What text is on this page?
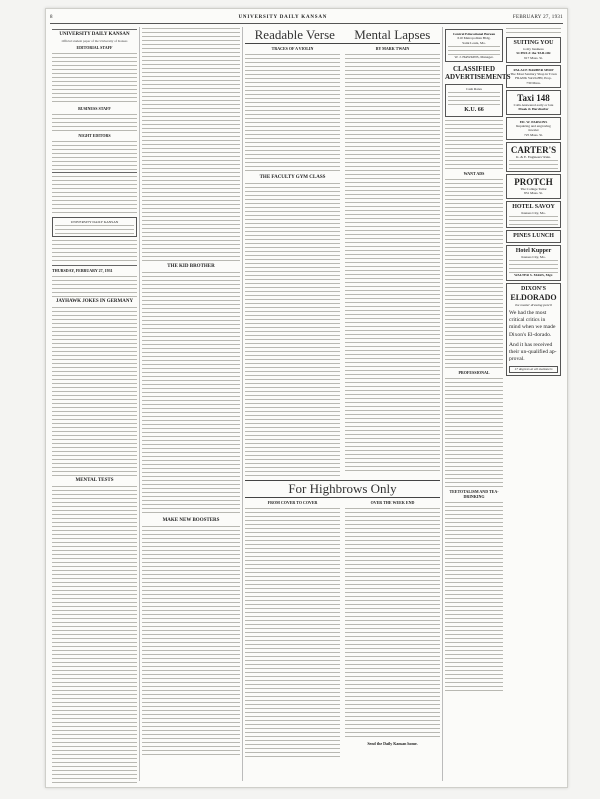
8	UNIVERSITY DAILY KANSAN	FEBRUARY 27, 1931
UNIVERSITY DAILY KANSAN
Official student paper of the University of Kansas
EDITORIAL STAFF
BUSINESS STAFF
NIGHT EDITORS
UNIVERSITY DAILY KANSAN
THURSDAY, FEBRUARY 27, 1931
JAYHAWK JOKES IN GERMANY
MENTAL TESTS
THE KID BROTHER
MAKE NEW BOOSTERS
Readable Verse Mental Lapses
TRACES OF A VIOLIN
THE FACULTY GYM CLASS
BY MARK TWAIN
For Highbrows Only
FROM COVER TO COVER	OVER THE WEEK END
Send the Daily Kansan home.
Central Educational Bureau
610 Metropolitan Bldg.
Saint Louis, Mo.
W. J. HAWKINS, Manager.
CLASSIFIED ADVERTISEMENTS
Cash Rates
K.U. 66
WANT ADS
PROFESSIONAL
TEETOTALISM AND TEA-DRINKING
SUITING YOU
is my business
SCHULZ the TAILOR
917 Mass. St.
PALACE BARBER SHOP
The Most Sanitary Shop in Town
FRANK VAUGHN, Prop.
730 Mass.
Taxi 148
Calls Answered early or late
Moak & Hardtarfer
ED. W. PARSONS
Repairing and engraving
Jeweler
725 Mass. St.
CARTER'S
K. & E. Engineers' Rule.
PROTCH
The College Tailor
831 Mass. St.
HOTEL SAVOY
Kansas City, Mo.
PINES LUNCH
Hotel Kupper
Kansas City, Mo.
WALTER S. MARS, Mgr.
DIXON'S
ELDORADO
the master drawing pencil
We had the most critical critics in mind when we made Dixon's El-dorado.
And it has received their un-qualified ap-proval.
17 degrees at all stationers
